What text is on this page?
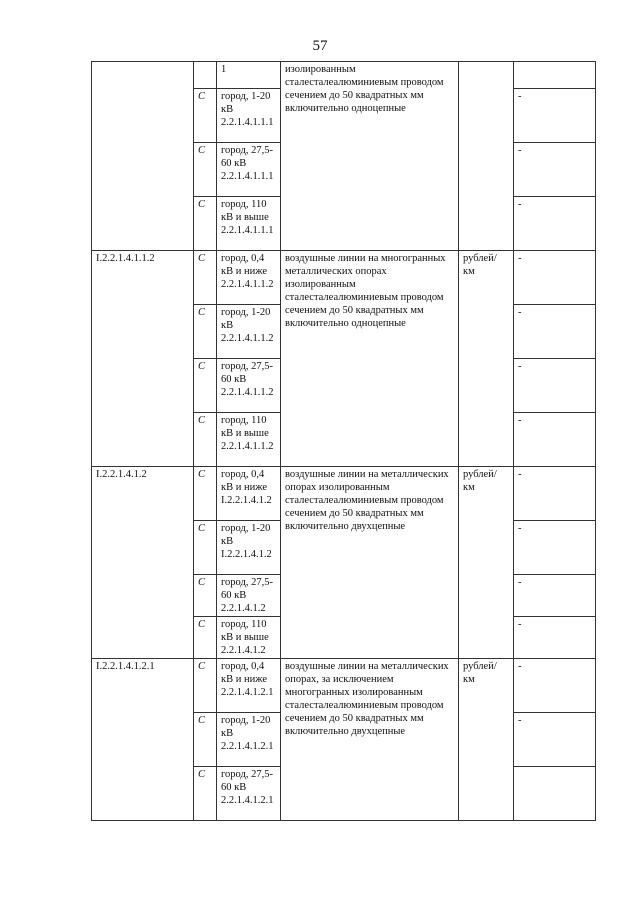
57
		1	изолированным сталесталеалюминиевым проводом сечением до 50 квадратных мм включительно одноцепные		
	C	город, 1-20 кВ 2.2.1.4.1.1.1			-
	C	город, 27,5-60 кВ 2.2.1.4.1.1.1			-
	C	город, 110 кВ и выше 2.2.1.4.1.1.1			-
I.2.2.1.4.1.1.2	C	город, 0,4 кВ и ниже 2.2.1.4.1.1.2	воздушные линии на многогранных металлических опорах изолированным сталесталеалюминиевым проводом сечением до 50 квадратных мм включительно одноцепные	рублей/ км	-
	C	город, 1-20 кВ 2.2.1.4.1.1.2			-
	C	город, 27,5-60 кВ 2.2.1.4.1.1.2			-
	C	город, 110 кВ и выше 2.2.1.4.1.1.2			-
I.2.2.1.4.1.2	C	город, 0,4 кВ и ниже I.2.2.1.4.1.2	воздушные линии на металлических опорах изолированным сталесталеалюминиевым проводом сечением до 50 квадратных мм включительно двухцепные	рублей/ км	-
	C	город, 1-20 кВ I.2.2.1.4.1.2			-
	C	город, 27,5-60 кВ 2.2.1.4.1.2			-
	C	город, 110 кВ и выше 2.2.1.4.1.2			-
I.2.2.1.4.1.2.1	C	город, 0,4 кВ и ниже 2.2.1.4.1.2.1	воздушные линии на металлических опорах, за исключением многогранных изолированным сталесталеалюминиевым проводом сечением до 50 квадратных мм включительно двухцепные	рублей/ км	-
	C	город, 1-20 кВ 2.2.1.4.1.2.1			-
	C	город, 27,5-60 кВ 2.2.1.4.1.2.1			
